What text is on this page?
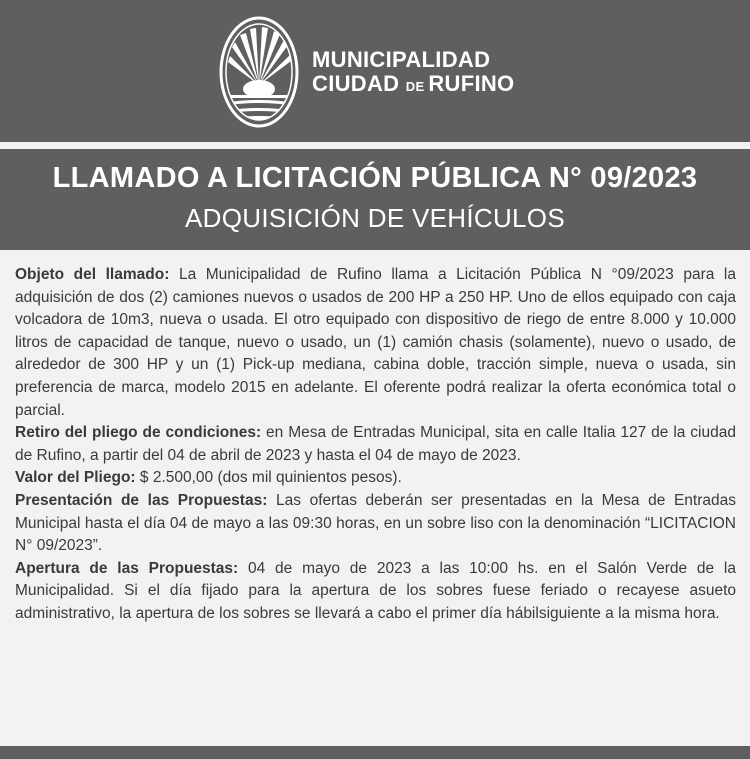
MUNICIPALIDAD
CIUDAD DE RUFINO
LLAMADO A LICITACIÓN PÚBLICA N° 09/2023
ADQUISICIÓN DE VEHÍCULOS

Objeto del llamado: La Municipalidad de Rufino llama a Licitación Pública N °09/2023 para la adquisición de dos (2) camiones nuevos o usados de 200 HP a 250 HP. Uno de ellos equipado con caja volcadora de 10m3, nueva o usada. El otro equipado con dispositivo de riego de entre 8.000 y 10.000 litros de capacidad de tanque, nuevo o usado, un (1) camión chasis (solamente), nuevo o usado, de alrededor de 300 HP y un (1) Pick-up mediana, cabina doble, tracción simple, nueva o usada, sin preferencia de marca, modelo 2015 en adelante. El oferente podrá realizar la oferta económica total o parcial.

Retiro del pliego de condiciones: en Mesa de Entradas Municipal, sita en calle Italia 127 de la ciudad de Rufino, a partir del 04 de abril de 2023 y hasta el 04 de mayo de 2023.

Valor del Pliego: $ 2.500,00 (dos mil quinientos pesos).

Presentación de las Propuestas: Las ofertas deberán ser presentadas en la Mesa de Entradas Municipal hasta el día 04 de mayo a las 09:30 horas, en un sobre liso con la denominación “LICITACION N° 09/2023”.

Apertura de las Propuestas: 04 de mayo de 2023 a las 10:00 hs. en el Salón Verde de la Municipalidad. Si el día fijado para la apertura de los sobres fuese feriado o recayese asueto administrativo, la apertura de los sobres se llevará a cabo el primer día hábilsiguiente a la misma hora.
